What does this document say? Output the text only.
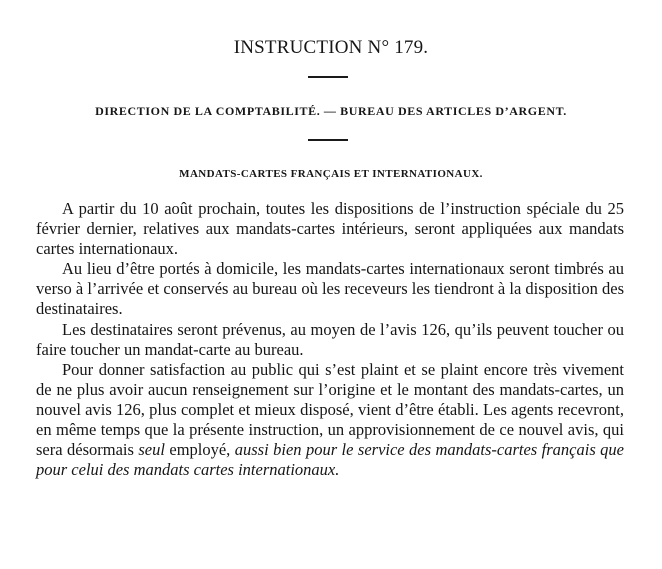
INSTRUCTION N° 179.
DIRECTION DE LA COMPTABILITÉ. — BUREAU DES ARTICLES D’ARGENT.
MANDATS-CARTES FRANÇAIS ET INTERNATIONAUX.

A partir du 10 août prochain, toutes les dispositions de l’instruction spéciale du 25 février dernier, relatives aux mandats-cartes intérieurs, seront appliquées aux mandats cartes internationaux.

Au lieu d’être portés à domicile, les mandats-cartes internationaux seront timbrés au verso à l’arrivée et conservés au bureau où les receveurs les tiendront à la disposition des destinataires.

Les destinataires seront prévenus, au moyen de l’avis 126, qu’ils peuvent toucher ou faire toucher un mandat-carte au bureau.

Pour donner satisfaction au public qui s’est plaint et se plaint encore très vivement de ne plus avoir aucun renseignement sur l’origine et le montant des mandats-cartes, un nouvel avis 126, plus complet et mieux disposé, vient d’être établi. Les agents recevront, en même temps que la présente instruction, un approvisionnement de ce nouvel avis, qui sera désormais seul employé, aussi bien pour le service des mandats-cartes français que pour celui des mandats cartes internationaux.
